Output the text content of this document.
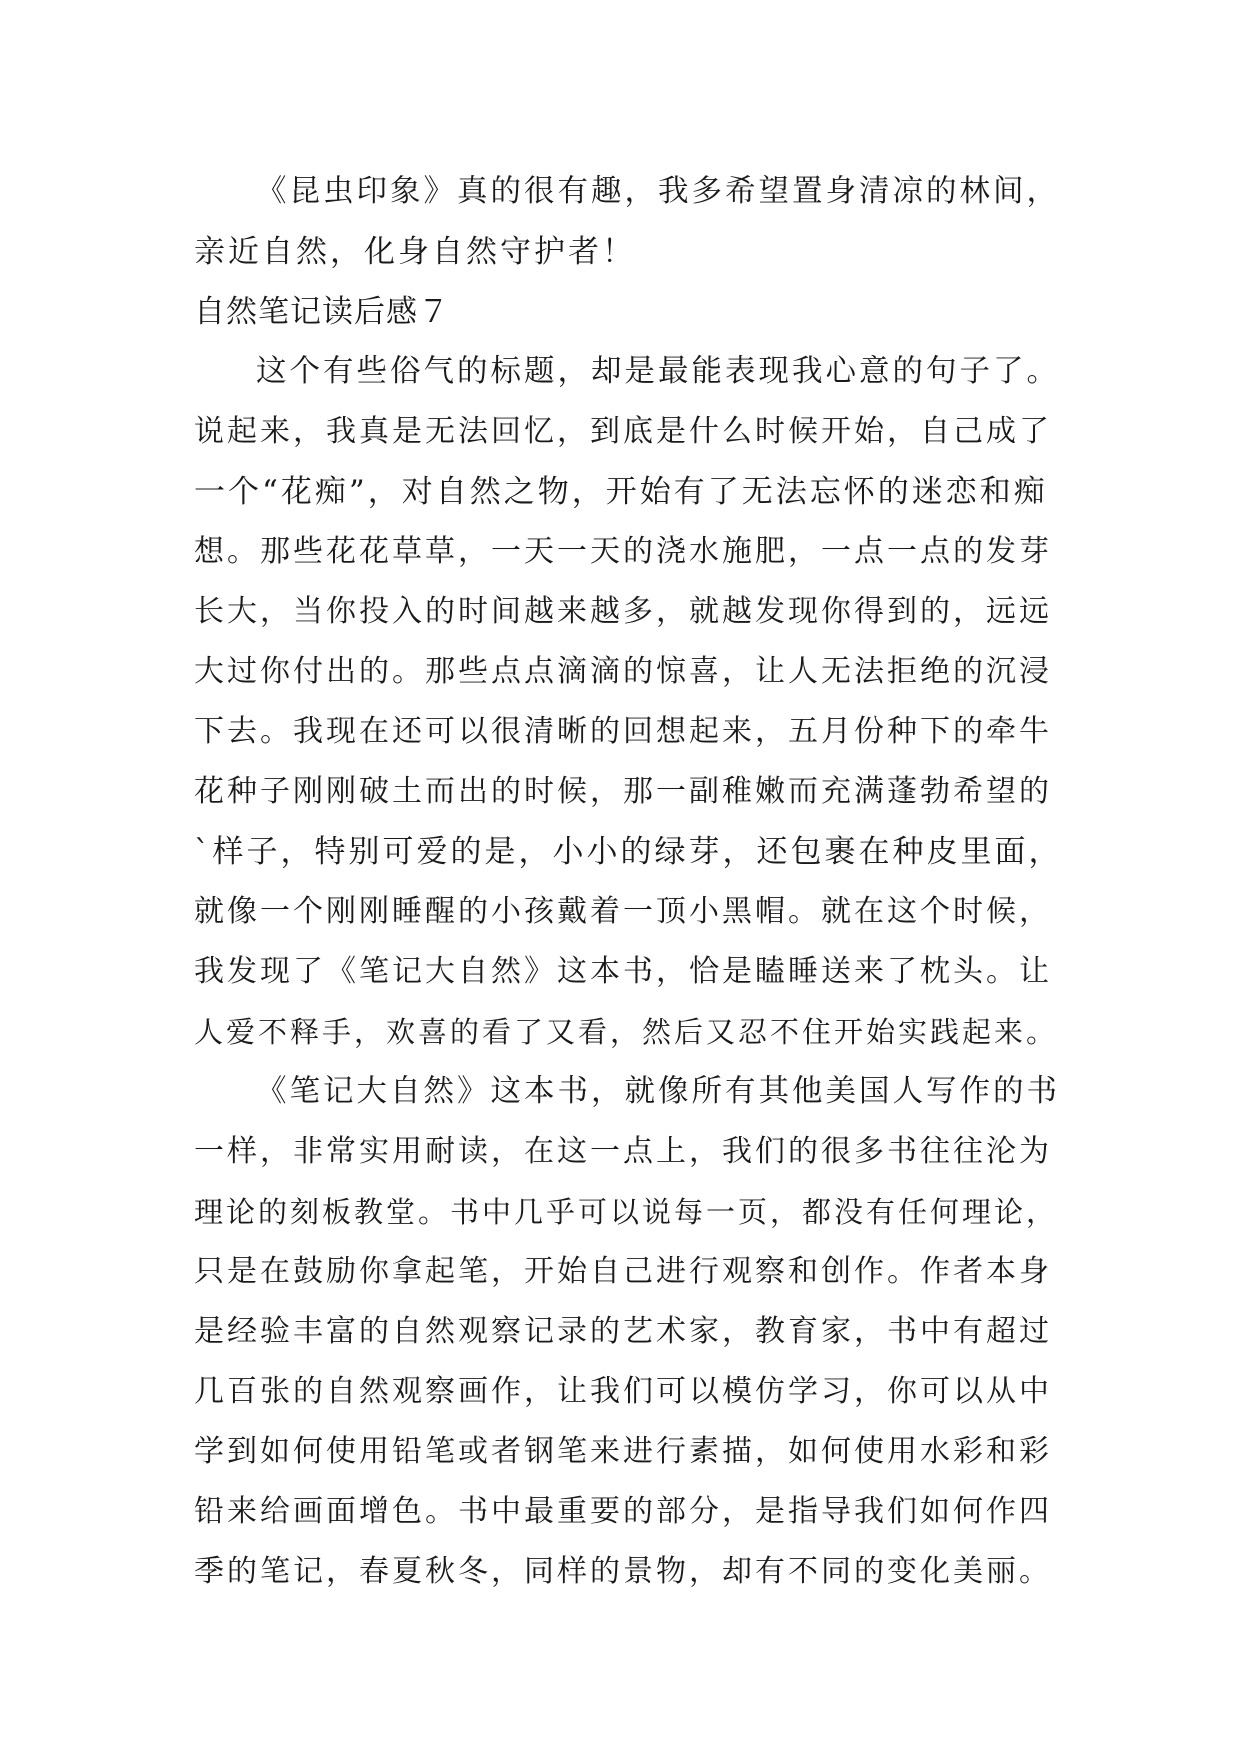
《昆虫印象》真的很有趣，我多希望置身清凉的林间，
亲近自然，化身自然守护者！
自然笔记读后感７
这个有些俗气的标题，却是最能表现我心意的句子了。
说起来，我真是无法回忆，到底是什么时候开始，自己成了
一个“花痴”，对自然之物，开始有了无法忘怀的迷恋和痴
想。那些花花草草，一天一天的浇水施肥，一点一点的发芽
长大，当你投入的时间越来越多，就越发现你得到的，远远
大过你付出的。那些点点滴滴的惊喜，让人无法拒绝的沉浸
下去。我现在还可以很清晰的回想起来，五月份种下的牵牛
花种子刚刚破土而出的时候，那一副稚嫩而充满蓬勃希望的
`样子，特别可爱的是，小小的绿芽，还包裹在种皮里面，
就像一个刚刚睡醒的小孩戴着一顶小黑帽。就在这个时候，
我发现了《笔记大自然》这本书，恰是瞌睡送来了枕头。让
人爱不释手，欢喜的看了又看，然后又忍不住开始实践起来。
《笔记大自然》这本书，就像所有其他美国人写作的书
一样，非常实用耐读，在这一点上，我们的很多书往往沦为
理论的刻板教堂。书中几乎可以说每一页，都没有任何理论，
只是在鼓励你拿起笔，开始自己进行观察和创作。作者本身
是经验丰富的自然观察记录的艺术家，教育家，书中有超过
几百张的自然观察画作，让我们可以模仿学习，你可以从中
学到如何使用铅笔或者钢笔来进行素描，如何使用水彩和彩
铅来给画面增色。书中最重要的部分，是指导我们如何作四
季的笔记，春夏秋冬，同样的景物，却有不同的变化美丽。
